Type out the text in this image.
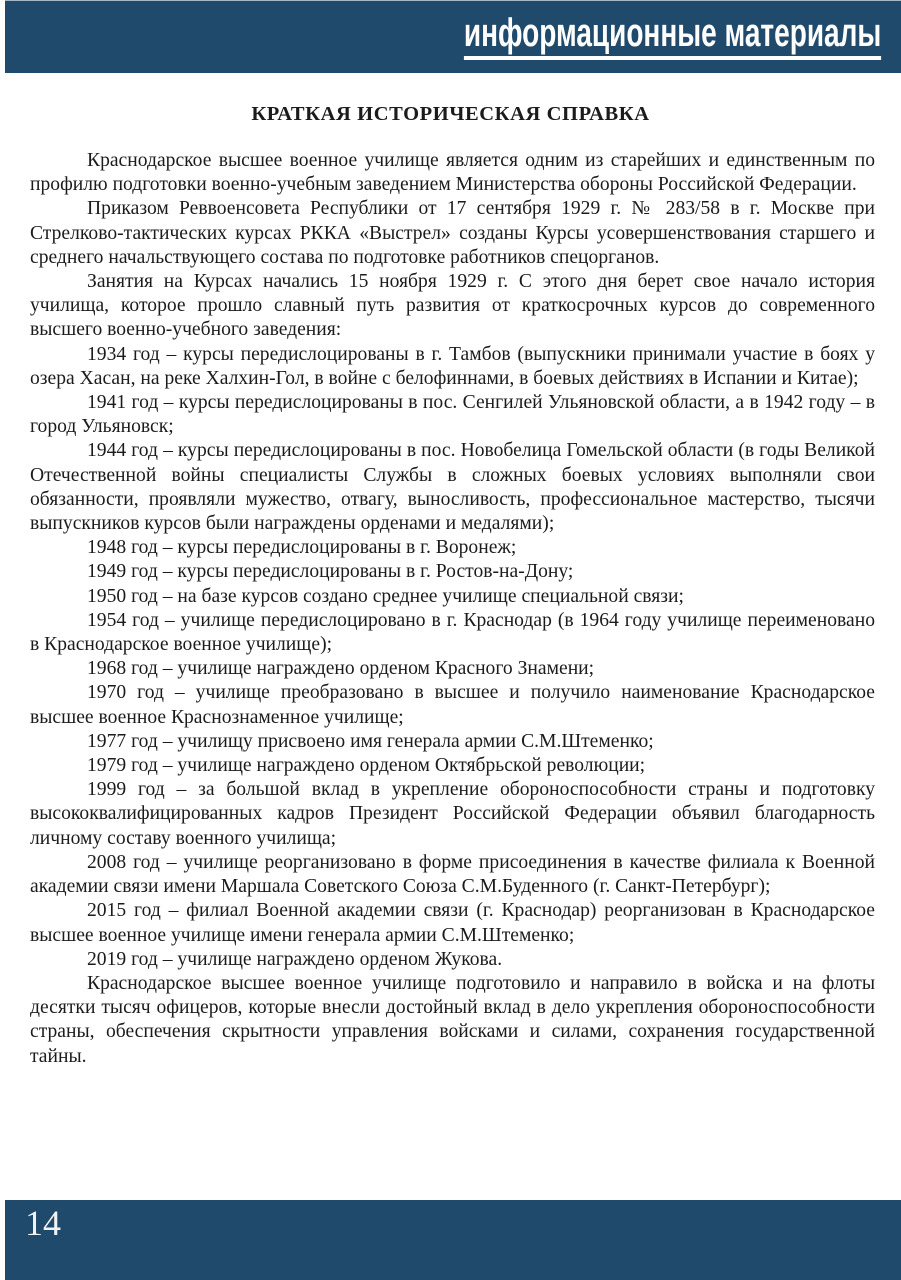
информационные материалы
КРАТКАЯ ИСТОРИЧЕСКАЯ СПРАВКА

Краснодарское высшее военное училище является одним из старейших и единственным по профилю подготовки военно-учебным заведением Министерства обороны Российской Федерации.

Приказом Реввоенсовета Республики от 17 сентября 1929 г. № 283/58 в г. Москве при Стрелково-тактических курсах РККА «Выстрел» созданы Курсы усовершенствования старшего и среднего начальствующего состава по подготовке работников спецорганов.

Занятия на Курсах начались 15 ноября 1929 г. С этого дня берет свое начало история училища, которое прошло славный путь развития от краткосрочных курсов до современного высшего военно-учебного заведения:

1934 год – курсы передислоцированы в г. Тамбов (выпускники принимали участие в боях у озера Хасан, на реке Халхин-Гол, в войне с белофиннами, в боевых действиях в Испании и Китае);

1941 год – курсы передислоцированы в пос. Сенгилей Ульяновской области, а в 1942 году – в город Ульяновск;

1944 год – курсы передислоцированы в пос. Новобелица Гомельской области (в годы Великой Отечественной войны специалисты Службы в сложных боевых условиях выполняли свои обязанности, проявляли мужество, отвагу, выносливость, профессиональное мастерство, тысячи выпускников курсов были награждены орденами и медалями);

1948 год – курсы передислоцированы в г. Воронеж;

1949 год – курсы передислоцированы в г. Ростов-на-Дону;

1950 год – на базе курсов создано среднее училище специальной связи;

1954 год – училище передислоцировано в г. Краснодар (в 1964 году училище переименовано в Краснодарское военное училище);

1968 год – училище награждено орденом Красного Знамени;

1970 год – училище преобразовано в высшее и получило наименование Краснодарское высшее военное Краснознаменное училище;

1977 год – училищу присвоено имя генерала армии С.М.Штеменко;

1979 год – училище награждено орденом Октябрьской революции;

1999 год – за большой вклад в укрепление обороноспособности страны и подготовку высококвалифицированных кадров Президент Российской Федерации объявил благодарность личному составу военного училища;

2008 год – училище реорганизовано в форме присоединения в качестве филиала к Военной академии связи имени Маршала Советского Союза С.М.Буденного (г. Санкт-Петербург);

2015 год – филиал Военной академии связи (г. Краснодар) реорганизован в Краснодарское высшее военное училище имени генерала армии С.М.Штеменко;

2019 год – училище награждено орденом Жукова.

Краснодарское высшее военное училище подготовило и направило в войска и на флоты десятки тысяч офицеров, которые внесли достойный вклад в дело укрепления обороноспособности страны, обеспечения скрытности управления войсками и силами, сохранения государственной тайны.

14
